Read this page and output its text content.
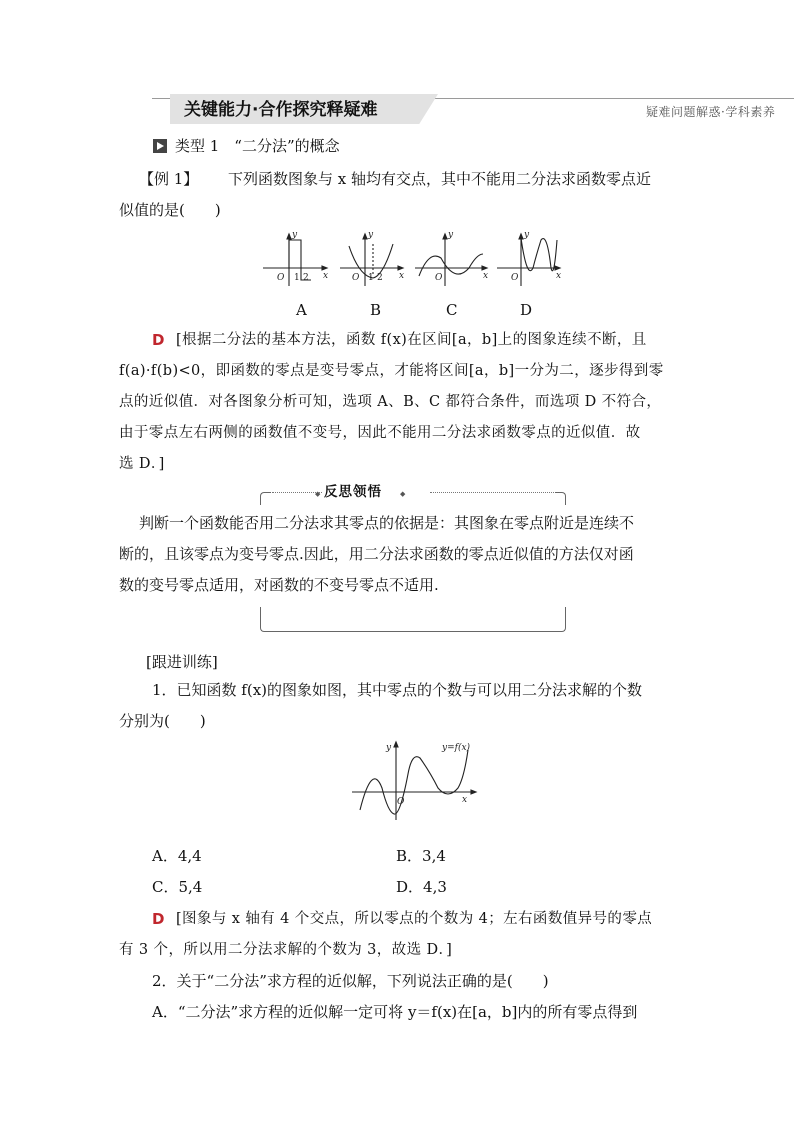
关键能力·合作探究释疑难	疑难问题解惑·学科素养
类型 1　“二分法”的概念
【例 1】 下列函数图象与 x 轴均有交点，其中不能用二分法求函数零点近
似值的是(　　)
y
x
O 1 2
y
x
O 1 2
y
x
O
y
x
O
A	B	C	D
D [根据二分法的基本方法，函数 f(x)在区间[a，b]上的图象连续不断，且
f(a)·f(b)<0，即函数的零点是变号零点，才能将区间[a，b]一分为二，逐步得到零
点的近似值．对各图象分析可知，选项 A、B、C 都符合条件，而选项 D 不符合，
由于零点左右两侧的函数值不变号，因此不能用二分法求函数零点的近似值．故
选 D．]
反思领悟
◆	◆
判断一个函数能否用二分法求其零点的依据是：其图象在零点附近是连续不
断的，且该零点为变号零点.因此，用二分法求函数的零点近似值的方法仅对函
数的变号零点适用，对函数的不变号零点不适用.
[跟进训练]
1．已知函数 f(x)的图象如图，其中零点的个数与可以用二分法求解的个数
分别为(　　)
y
x
O
y=f(x)
A．4,4	B．3,4
C．5,4	D．4,3
D [图象与 x 轴有 4 个交点，所以零点的个数为 4；左右函数值异号的零点
有 3 个，所以用二分法求解的个数为 3，故选 D．]
2．关于“二分法”求方程的近似解，下列说法正确的是(　　)
A．“二分法”求方程的近似解一定可将 y＝f(x)在[a，b]内的所有零点得到
